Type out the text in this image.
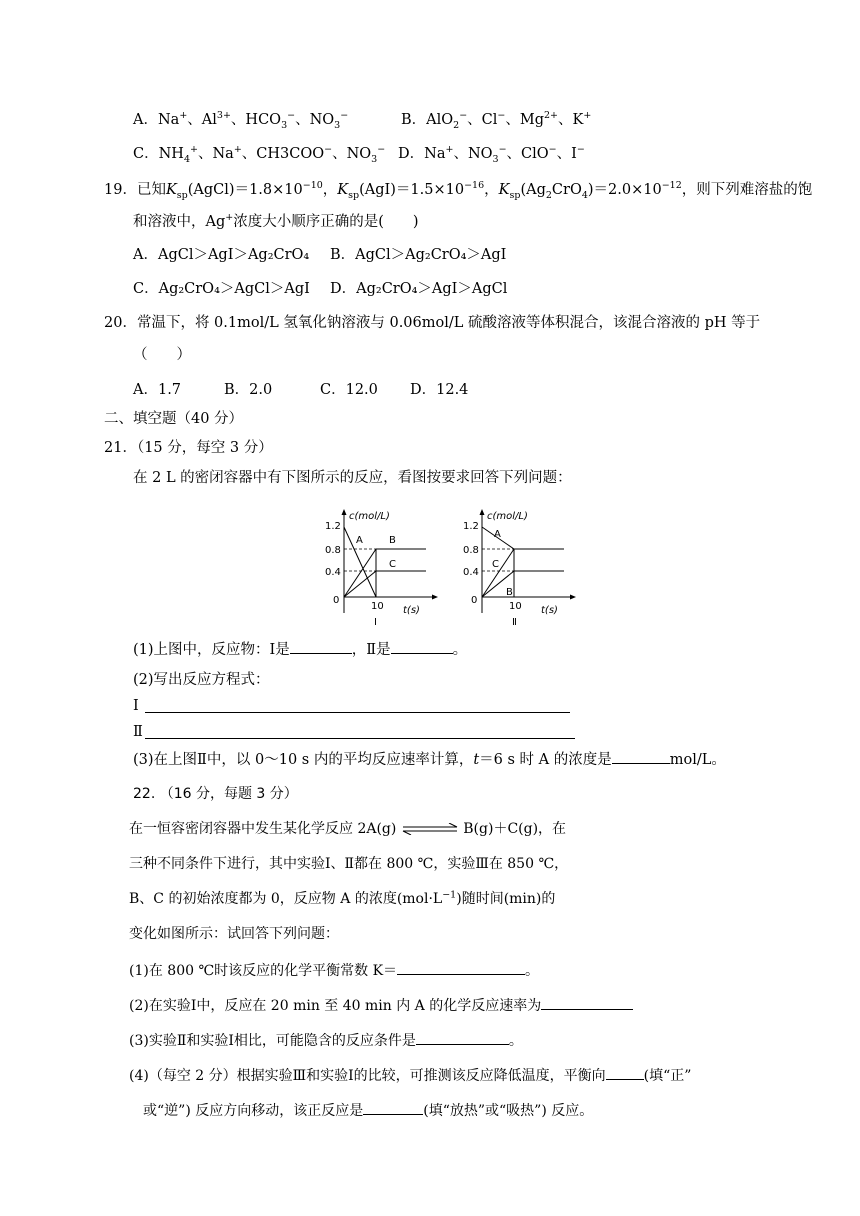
A．Na+、$Al^{3+}$、$HCO_3^-$、$NO_3^-$	B．AlO$_2$−、Cl−、$Mg^{2+}$、K+
C．$NH_4^+$、Na+、CH3COO−、$NO_3^-$ D．Na+、$NO_3^-$、ClO−、I−
19．已知$K_{sp}(AgCl)=1.8\times 10^{-10}$，$K_{sp}(AgI)=1.5\times 10^{-16}$，$K_{sp}(Ag_2CrO_4)=2.0\times 10^{-12}$，则下列难溶盐的饱
和溶液中，Ag+浓度大小顺序正确的是(　　)
A．AgCl＞AgI＞Ag₂CrO₄ B．AgCl＞Ag₂CrO₄＞AgI
C．Ag₂CrO₄＞AgCl＞AgI D．Ag₂CrO₄＞AgI＞AgCl
20．常温下，将 0.1mol/L 氢氧化钠溶液与 0.06mol/L 硫酸溶液等体积混合，该混合溶液的 pH 等于
（　　）
A．1.7	B．2.0	C．12.0 D．12.4
二、填空题（40 分）
21．（15 分，每空 3 分）
在 2 L 的密闭容器中有下图所示的反应，看图按要求回答下列问题：
c(mol/L)
1.2
0.8
0.4
0
10 t(s)
A	B
C
Ⅰ
c(mol/L)
1.2
0.8
0.4
0
10 t(s)
A
C
B
Ⅱ
(1)上图中，反应物：Ⅰ是	，Ⅱ是	。
(2)写出反应方程式：
Ⅰ
Ⅱ
(3)在上图Ⅱ中，以 0～10 s 内的平均反应速率计算，t＝6 s 时 A 的浓度是	mol/L。
22. （16 分，每题 3 分）
在一恒容密闭容器中发生某化学反应 2A(g)	B(g)＋C(g)，在
三种不同条件下进行，其中实验Ⅰ、Ⅱ都在 800 ℃，实验Ⅲ在 850 ℃，
B、C 的初始浓度都为 0，反应物 A 的浓度$(mol\cdot L^{-1})$随时间(min)的
变化如图所示：试回答下列问题：
(1)在 800 ℃时该反应的化学平衡常数 K＝	。
(2)在实验Ⅰ中，反应在 20 min 至 40 min 内 A 的化学反应速率为
(3)实验Ⅱ和实验Ⅰ相比，可能隐含的反应条件是	。
(4)（每空 2 分）根据实验Ⅲ和实验Ⅰ的比较，可推测该反应降低温度，平衡向	(填“正”
或“逆”) 反应方向移动，该正反应是	(填“放热”或“吸热”) 反应。
